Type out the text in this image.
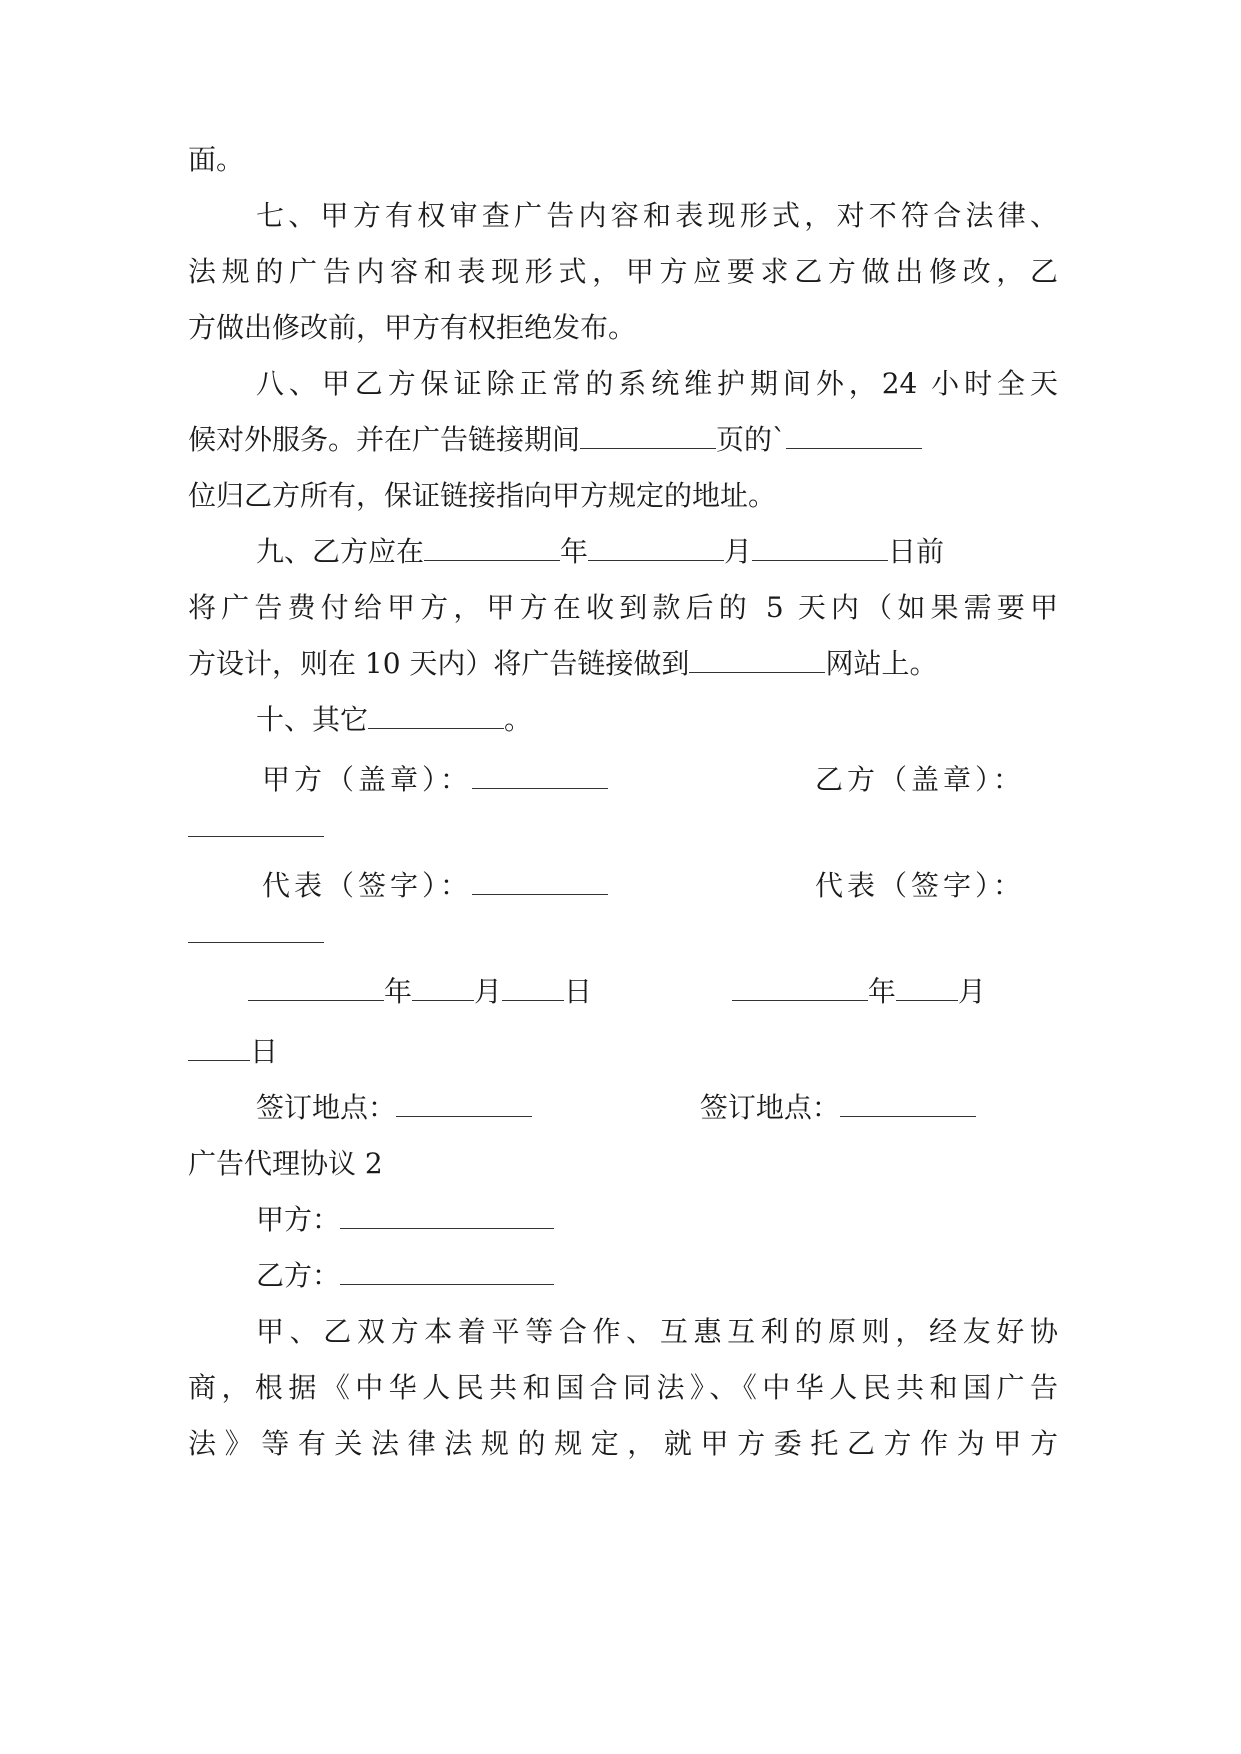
面。
七、甲方有权审查广告内容和表现形式，对不符合法律、
法规的广告内容和表现形式，甲方应要求乙方做出修改，乙
方做出修改前，甲方有权拒绝发布。
八、甲乙方保证除正常的系统维护期间外，24 小时全天
候对外服务。并在广告链接期间	页的`
位归乙方所有，保证链接指向甲方规定的地址。
九、乙方应在	年	月	日前
将广告费付给甲方，甲方在收到款后的 5 天内（如果需要甲
方设计，则在 10 天内）将广告链接做到	网站上。
十、其它	。
甲方（盖章）：	乙方（盖章）：
代表（签字）：	代表（签字）：
年 月 日	年 月
日
签订地点：	签订地点：
广告代理协议 2
甲方：
乙方：
甲、乙双方本着平等合作、互惠互利的原则，经友好协
商，根据《中华人民共和国合同法》、《中华人民共和国广告
法》等有关法律法规的规定，就甲方委托乙方作为甲方
